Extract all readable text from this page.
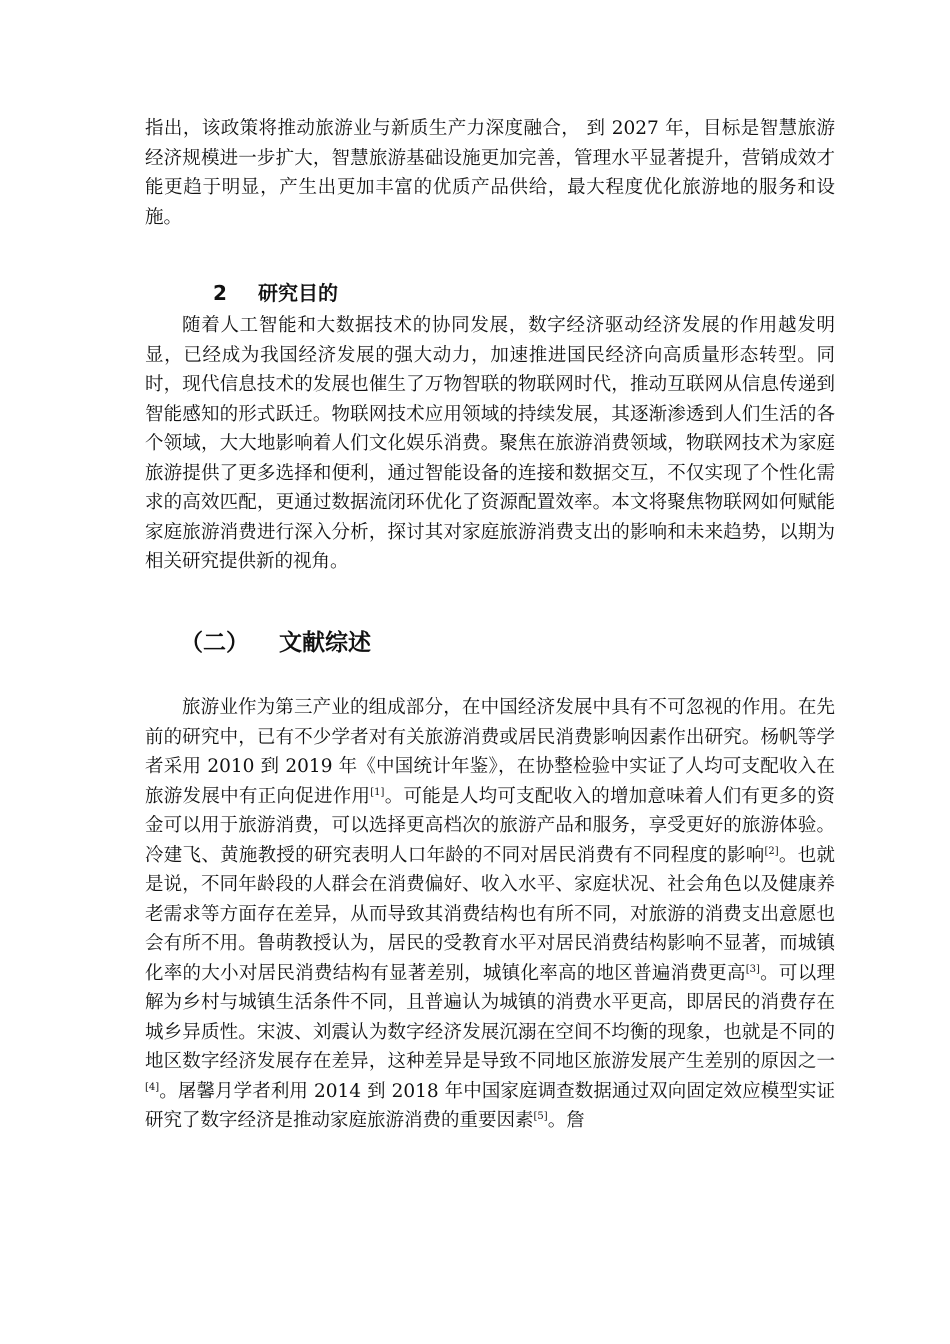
指出，该政策将推动旅游业与新质生产力深度融合， 到 2027 年，目标是智慧旅游经济规模进一步扩大，智慧旅游基础设施更加完善，管理水平显著提升，营销成效才能更趋于明显，产生出更加丰富的优质产品供给，最大程度优化旅游地的服务和设施。

2 研究目的

随着人工智能和大数据技术的协同发展，数字经济驱动经济发展的作用越发明显，已经成为我国经济发展的强大动力，加速推进国民经济向高质量形态转型。同时，现代信息技术的发展也催生了万物智联的物联网时代，推动互联网从信息传递到智能感知的形式跃迁。物联网技术应用领域的持续发展，其逐渐渗透到人们生活的各个领域，大大地影响着人们文化娱乐消费。聚焦在旅游消费领域，物联网技术为家庭旅游提供了更多选择和便利，通过智能设备的连接和数据交互，不仅实现了个性化需求的高效匹配，更通过数据流闭环优化了资源配置效率。本文将聚焦物联网如何赋能家庭旅游消费进行深入分析，探讨其对家庭旅游消费支出的影响和未来趋势，以期为相关研究提供新的视角。

（二） 文献综述

旅游业作为第三产业的组成部分，在中国经济发展中具有不可忽视的作用。在先前的研究中，已有不少学者对有关旅游消费或居民消费影响因素作出研究。杨帆等学者采用 2010 到 2019 年《中国统计年鉴》，在协整检验中实证了人均可支配收入在旅游发展中有正向促进作用[1]。可能是人均可支配收入的增加意味着人们有更多的资金可以用于旅游消费，可以选择更高档次的旅游产品和服务，享受更好的旅游体验。冷建飞、黄施教授的研究表明人口年龄的不同对居民消费有不同程度的影响[2]。也就是说，不同年龄段的人群会在消费偏好、收入水平、家庭状况、社会角色以及健康养老需求等方面存在差异，从而导致其消费结构也有所不同，对旅游的消费支出意愿也会有所不用。鲁萌教授认为，居民的受教育水平对居民消费结构影响不显著，而城镇化率的大小对居民消费结构有显著差别，城镇化率高的地区普遍消费更高[3]。可以理解为乡村与城镇生活条件不同，且普遍认为城镇的消费水平更高，即居民的消费存在城乡异质性。宋波、刘震认为数字经济发展沉溺在空间不均衡的现象，也就是不同的地区数字经济发展存在差异，这种差异是导致不同地区旅游发展产生差别的原因之一[4]。屠馨月学者利用 2014 到 2018 年中国家庭调查数据通过双向固定效应模型实证研究了数字经济是推动家庭旅游消费的重要因素[5]。詹
